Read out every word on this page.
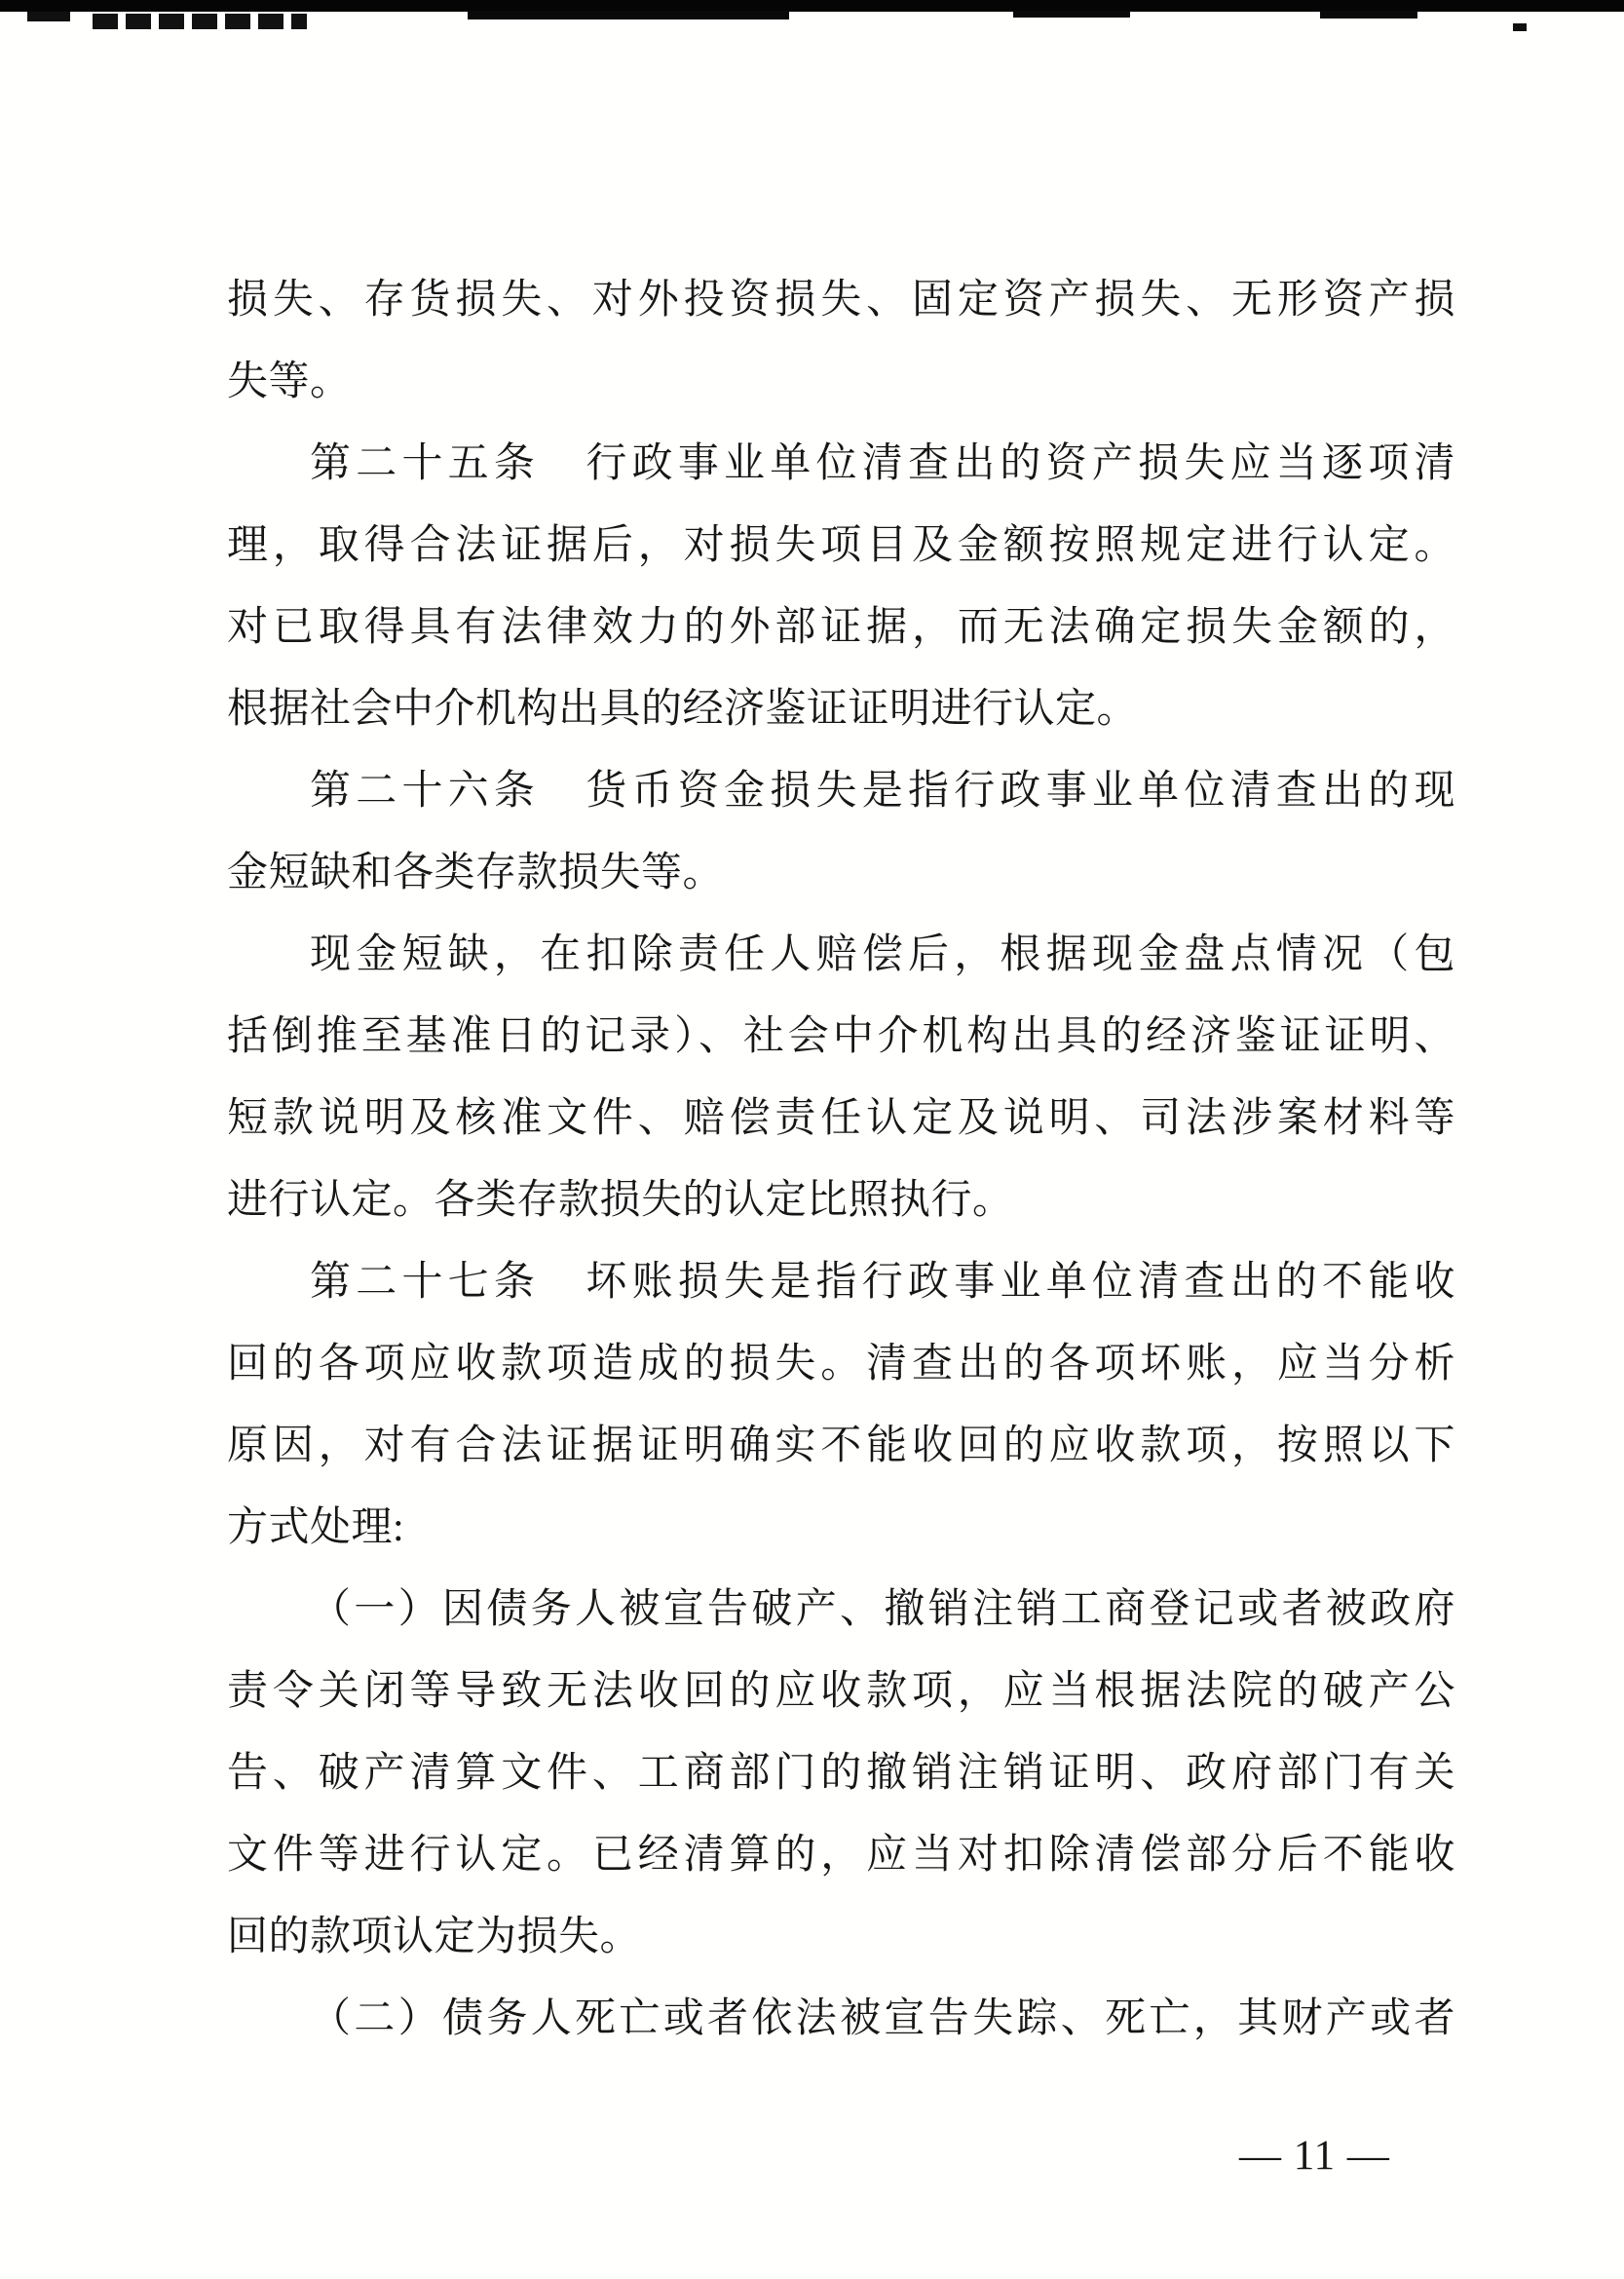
损失、存货损失、对外投资损失、固定资产损失、无形资产损
失等。
第二十五条　行政事业单位清查出的资产损失应当逐项清
理，取得合法证据后，对损失项目及金额按照规定进行认定。
对已取得具有法律效力的外部证据，而无法确定损失金额的，
根据社会中介机构出具的经济鉴证证明进行认定。
第二十六条　货币资金损失是指行政事业单位清查出的现
金短缺和各类存款损失等。
现金短缺，在扣除责任人赔偿后，根据现金盘点情况（包
括倒推至基准日的记录）、社会中介机构出具的经济鉴证证明、
短款说明及核准文件、赔偿责任认定及说明、司法涉案材料等
进行认定。各类存款损失的认定比照执行。
第二十七条　坏账损失是指行政事业单位清查出的不能收
回的各项应收款项造成的损失。清查出的各项坏账，应当分析
原因，对有合法证据证明确实不能收回的应收款项，按照以下
方式处理:
（一）因债务人被宣告破产、撤销注销工商登记或者被政府
责令关闭等导致无法收回的应收款项，应当根据法院的破产公
告、破产清算文件、工商部门的撤销注销证明、政府部门有关
文件等进行认定。已经清算的，应当对扣除清偿部分后不能收
回的款项认定为损失。
（二）债务人死亡或者依法被宣告失踪、死亡，其财产或者
— 11 —
